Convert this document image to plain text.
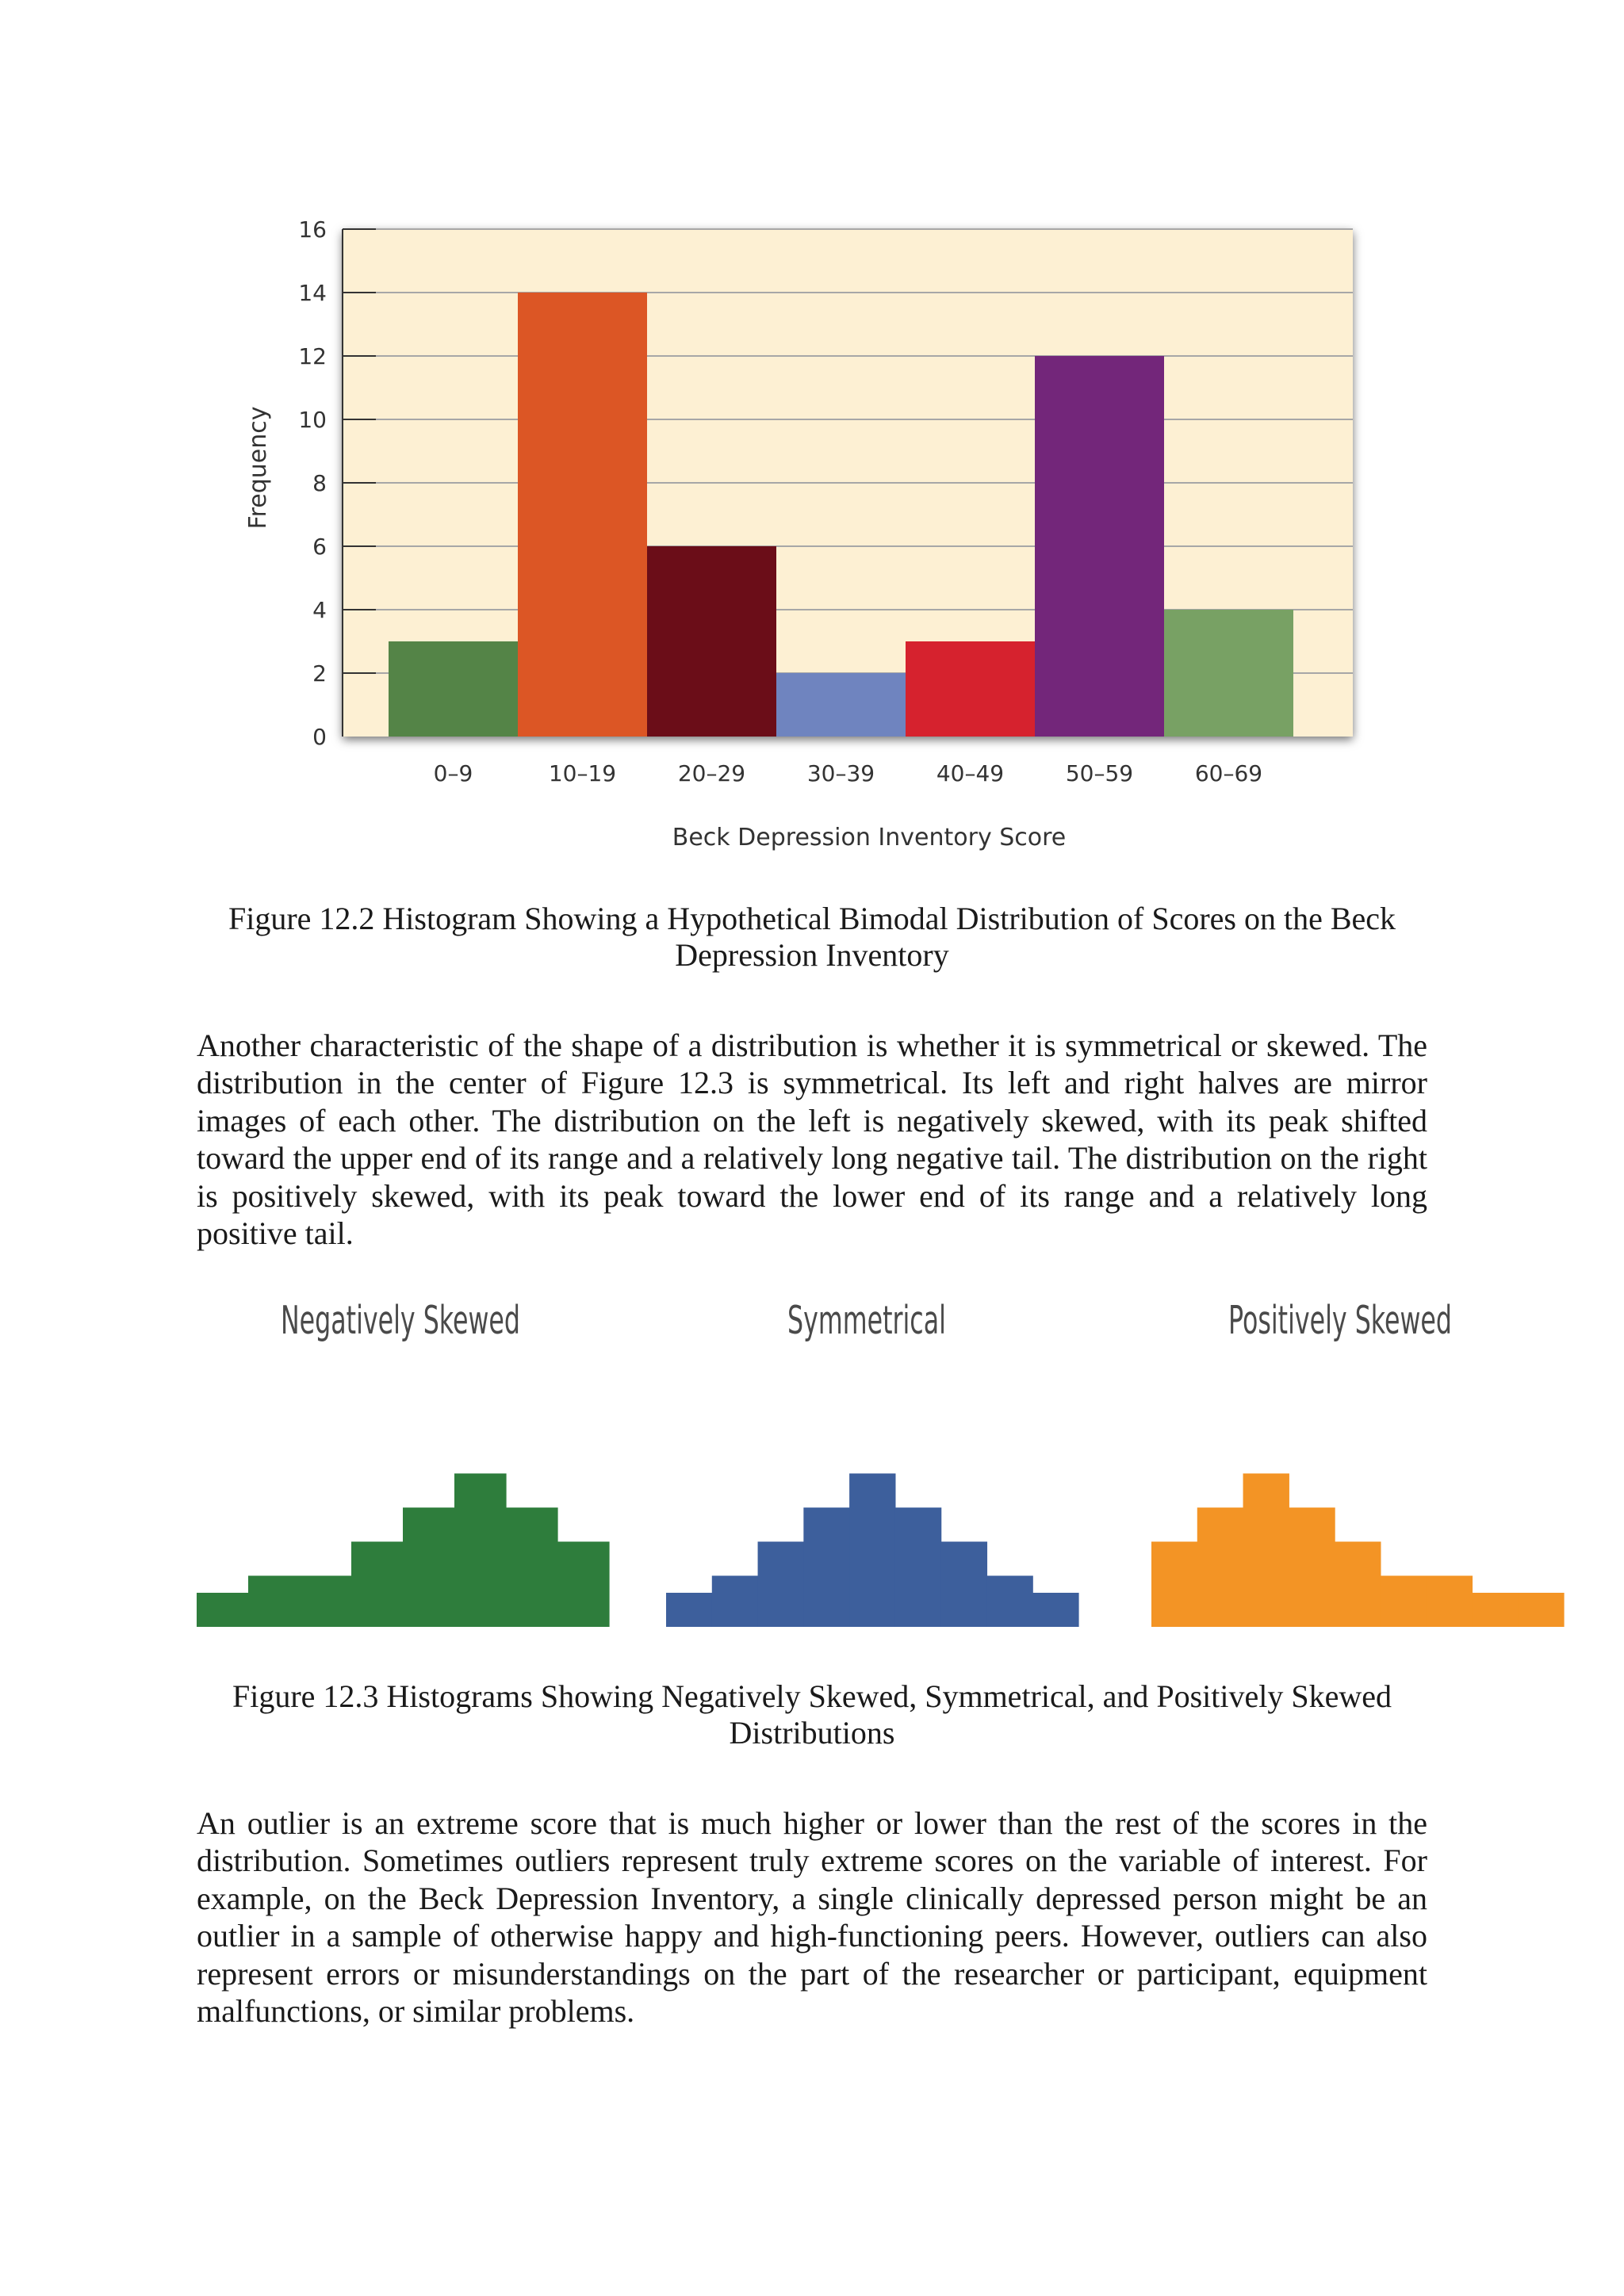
0
2
4
6
8
10
12
14
16
0–9	10–19	20–29	30–39	40–49	50–59	60–69
Frequency
Beck Depression Inventory Score
Figure 12.2 Histogram Showing a Hypothetical Bimodal Distribution of Scores on the Beck Depression Inventory

Another characteristic of the shape of a distribution is whether it is symmetrical or skewed. The distribution in the center of Figure 12.3 is symmetrical. Its left and right halves are mirror images of each other. The distribution on the left is negatively skewed, with its peak shifted toward the upper end of its range and a relatively long negative tail. The distribution on the right is positively skewed, with its peak toward the lower end of its range and a relatively long positive tail.

Negatively Skewed	Symmetrical	Positively Skewed
Figure 12.3 Histograms Showing Negatively Skewed, Symmetrical, and Positively Skewed Distributions

An outlier is an extreme score that is much higher or lower than the rest of the scores in the distribution. Sometimes outliers represent truly extreme scores on the variable of interest. For example, on the Beck Depression Inventory, a single clinically depressed person might be an outlier in a sample of otherwise happy and high-functioning peers. However, outliers can also represent errors or misunderstandings on the part of the researcher or participant, equipment malfunctions, or similar problems.
